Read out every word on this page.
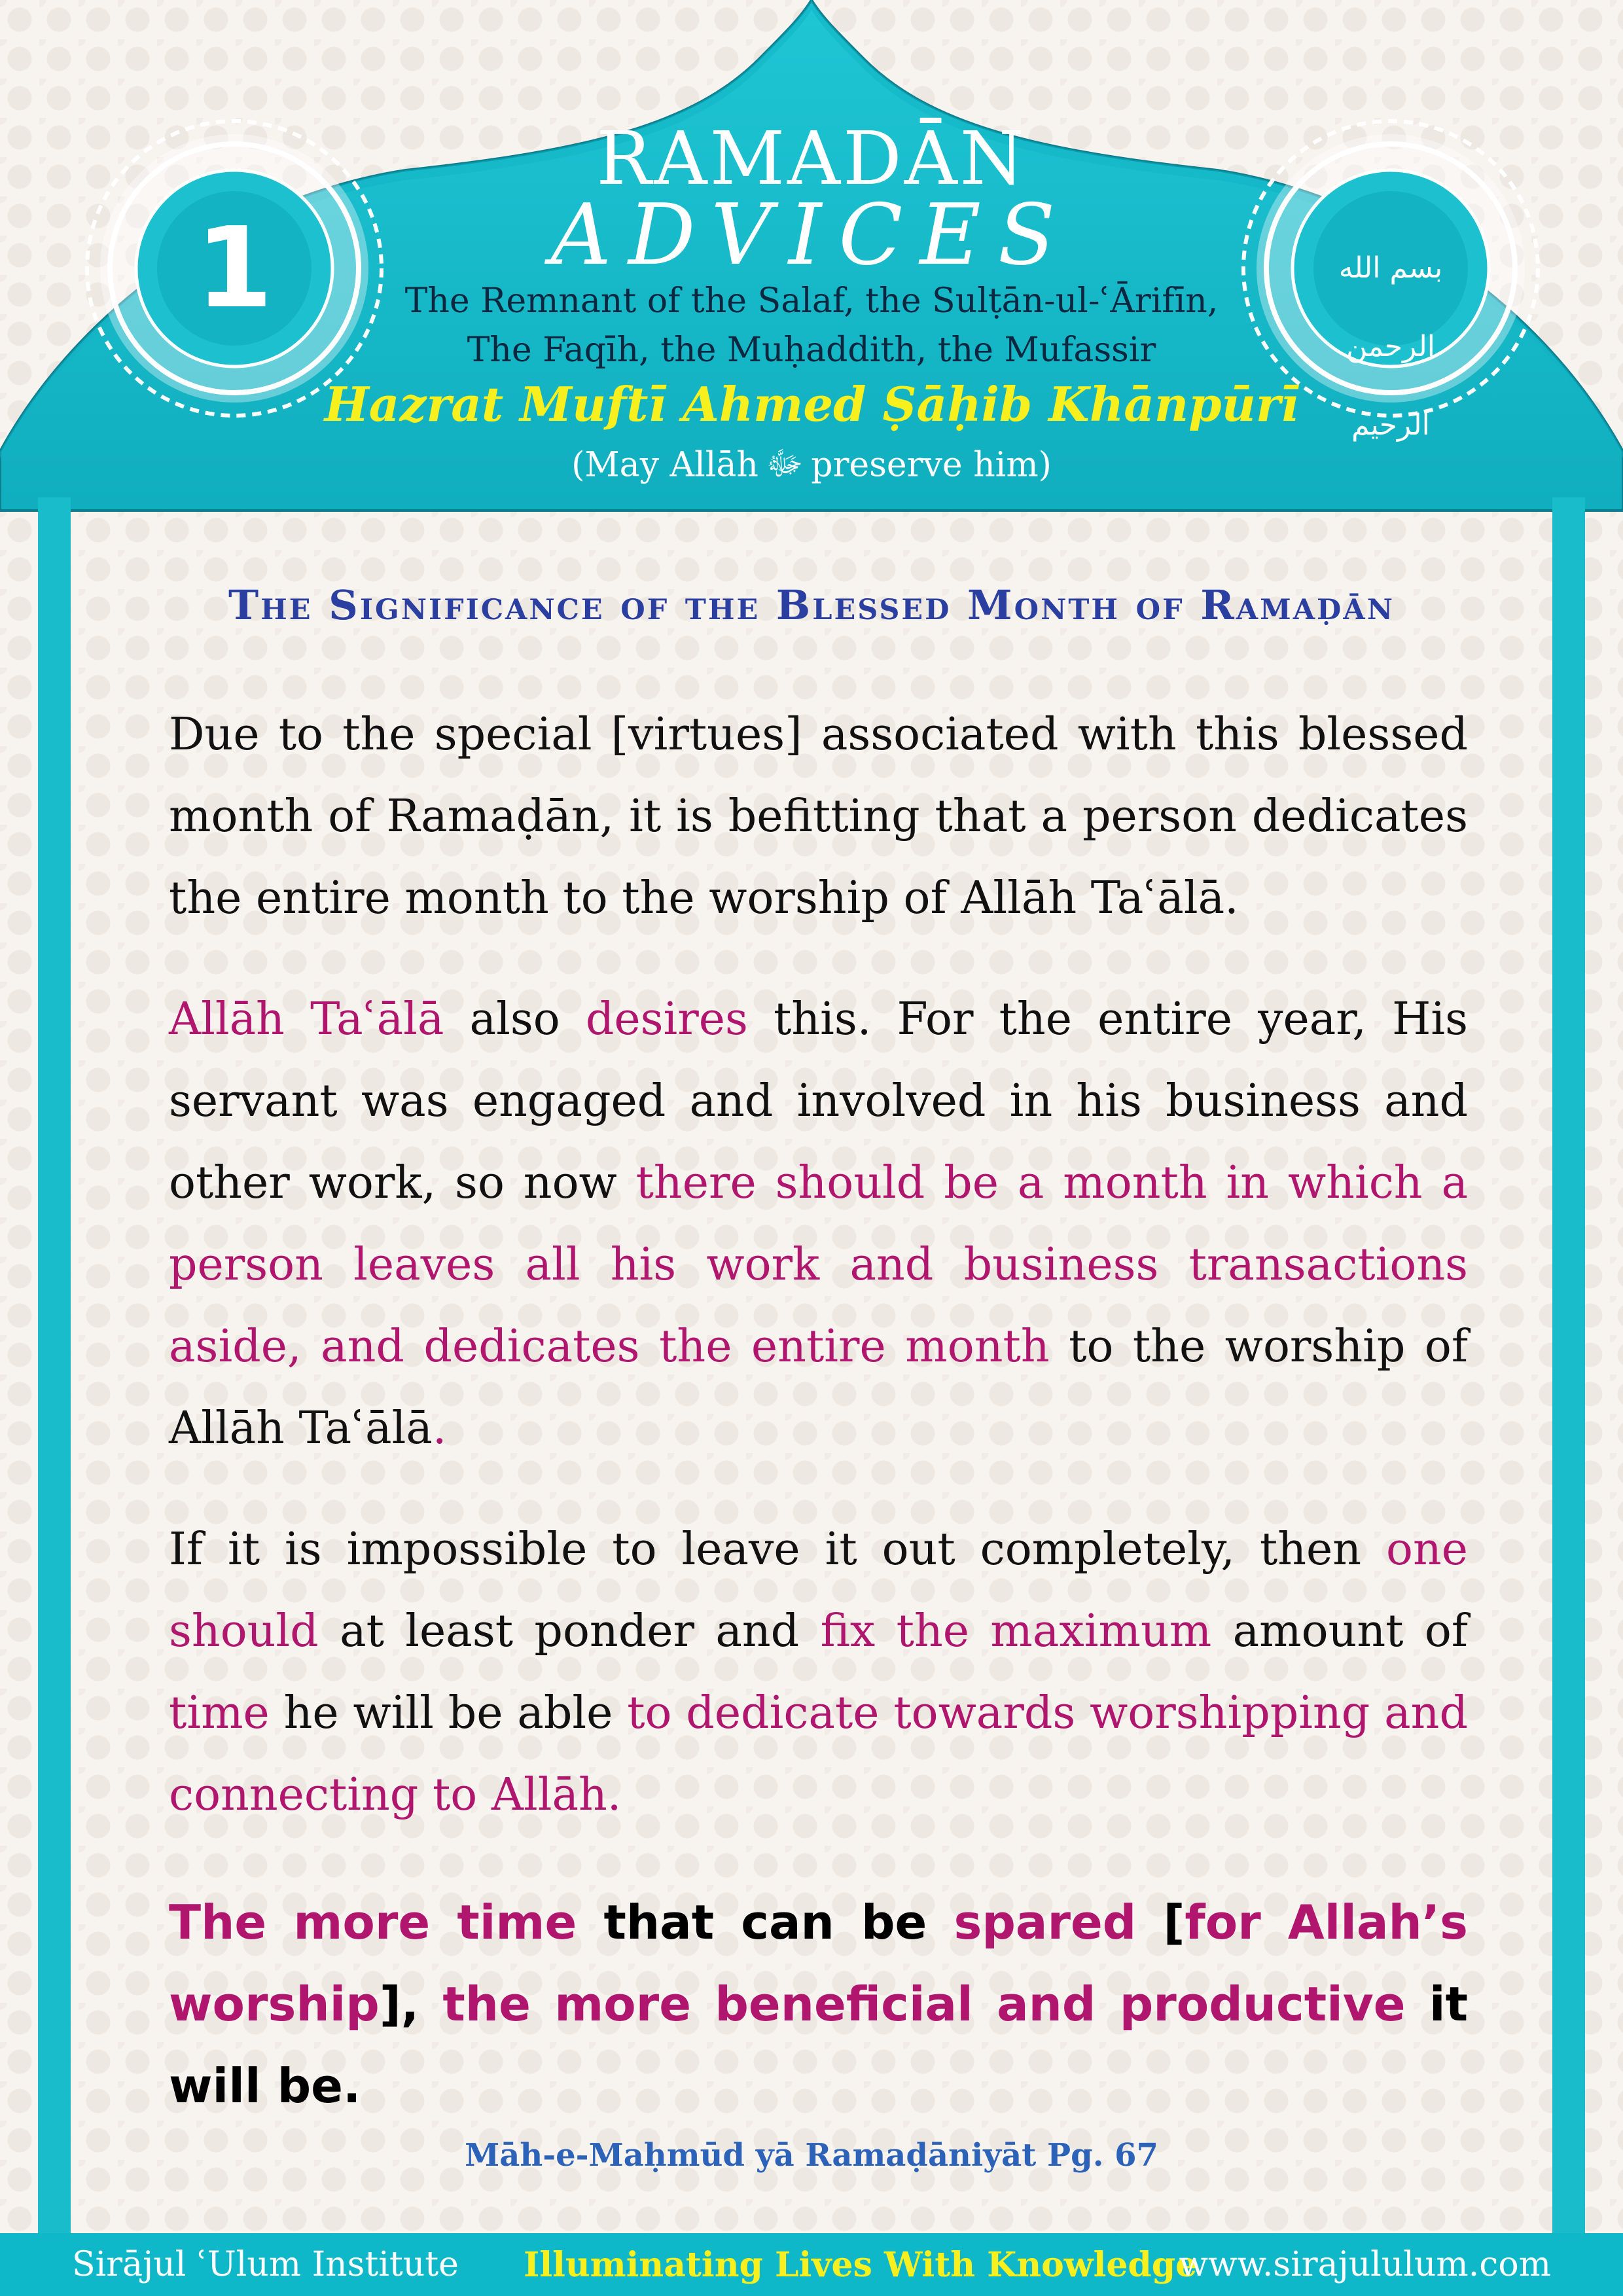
1	بسم الله الرحمن الرحيم
RAMADĀN
ADVICES
The Remnant of the Salaf, the Sulṭān-ul-ʿĀrifīn,
The Faqīh, the Muḥaddith, the Mufassir
Hazrat Muftī Ahmed Ṣāḥib Khānpūrī
(May Allāh ﷻ preserve him)
The Significance of the Blessed Month of Ramaḍān

Due to the special [virtues] associated with this blessed month of Ramaḍān, it is befitting that a person dedicates the entire month to the worship of Allāh Taʿālā.

Allāh Taʿālā also desires this. For the entire year, His servant was engaged and involved in his business and other work, so now there should be a month in which a person leaves all his work and business transactions aside, and dedicates the entire month to the worship of Allāh Taʿālā.

If it is impossible to leave it out completely, then one should at least ponder and fix the maximum amount of time he will be able to dedicate towards worshipping and connecting to Allāh.

The more time that can be spared [for Allah’s worship], the more beneficial and productive it will be.

Māh-e-Maḥmūd yā Ramaḍāniyāt Pg. 67
Sirājul ʿUlum Institute Illuminating Lives With Knowledge
www.sirajululum.com
